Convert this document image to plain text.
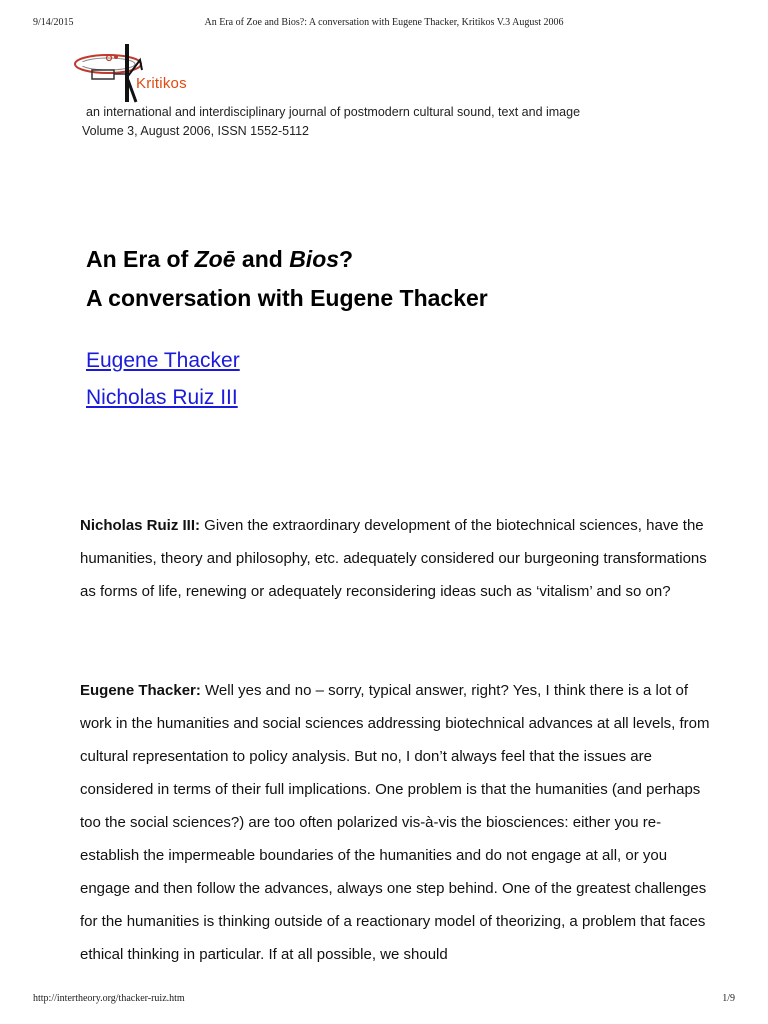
9/14/2015	An Era of Zoe and Bios?: A conversation with Eugene Thacker, Kritikos V.3 August 2006
Kritikos
an international and interdisciplinary journal of postmodern cultural sound, text and image
Volume 3, August 2006, ISSN 1552-5112
An Era of Zoē and Bios?
A conversation with Eugene Thacker
Eugene Thacker
Nicholas Ruiz III
Nicholas Ruiz III: Given the extraordinary development of the biotechnical sciences, have the humanities, theory and philosophy, etc. adequately considered our burgeoning transformations as forms of life, renewing or adequately reconsidering ideas such as ‘vitalism’ and so on?
Eugene Thacker: Well yes and no – sorry, typical answer, right? Yes, I think there is a lot of work in the humanities and social sciences addressing biotechnical advances at all levels, from cultural representation to policy analysis. But no, I don’t always feel that the issues are considered in terms of their full implications. One problem is that the humanities (and perhaps too the social sciences?) are too often polarized vis-à-vis the biosciences: either you re-establish the impermeable boundaries of the humanities and do not engage at all, or you engage and then follow the advances, always one step behind. One of the greatest challenges for the humanities is thinking outside of a reactionary model of theorizing, a problem that faces ethical thinking in particular. If at all possible, we should
http://intertheory.org/thacker-ruiz.htm	1/9
